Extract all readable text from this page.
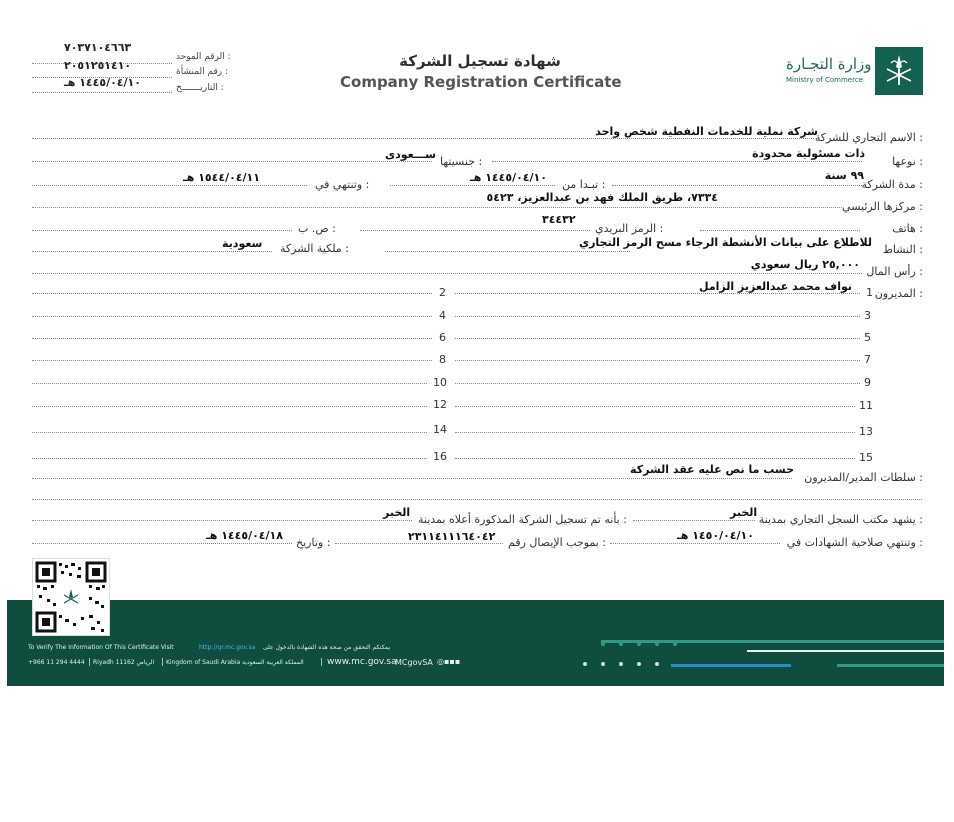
٧٠٣٧١٠٤٦٦٣
الرقم الموحد :
٢٠٥١٢٥١٤١٠	رقم المنشأة :
١٤٤٥/٠٤/١٠ هـ	التاريـــــــخ :
شهادة تسجيل الشركة
Company Registration Certificate
وزارة التجـارة
Ministry of Commerce
الاسم التجاري للشركة :
شركة نملية للخدمات النفطية شخص واحد
نوعها :
ذات مسئولية محدودة
جنسيتها :
ســـعودى
مدة الشركة :
٩٩ سنة
تبـدا من :
١٤٤٥/٠٤/١٠ هـ
وتنتهي في :
١٥٤٤/٠٤/١١ هـ
مركزها الرئيسي :
٧٣٣٤، طريق الملك فهد بن عبدالعزيز، ٥٤٢٣
هاتف :
الرمز البريدي :
٣٤٤٣٢
ص. ب :
النشاط :
للاطلاع على بيانات الأنشطة الرجاء مسح الرمز التجاري
ملكية الشركة :
سعودية
رأس المال :
٢٥,٠٠٠ ريال سعودي
المديرون :
1
نواف محمد عبدالعزيز الزامل
2
3
4
5
6
7
8
9
10
11
12
13
14
15
16
سلطات المدير/المديرون :
حسب ما نص عليه عقد الشركة
يشهد مكتب السجل التجاري بمدينة :
الخبر
بأنه تم تسجيل الشركة المذكورة أعلاه بمدينة :
الخبر
وتنتهي صلاحية الشهادات في :
١٤٥٠/٠٤/١٠ هـ
بموجب الإيصال رقم :
٢٣١١٤١١١٦٤٠٤٢
وتاريخ :
١٤٤٥/٠٤/١٨ هـ
To Verify The Information Of This Certificate Visit	http://qr.mc.gov.sa يمكنكم التحقق من صحة هذه الشهادة بالدخول على
+966 11 294 4444 | Riyadh 11162 الرياض | Kingdom of Saudi Arabia المملكة العربية السعودية | www.mc.gov.sa
MCgovSA ◎▪▪▪
